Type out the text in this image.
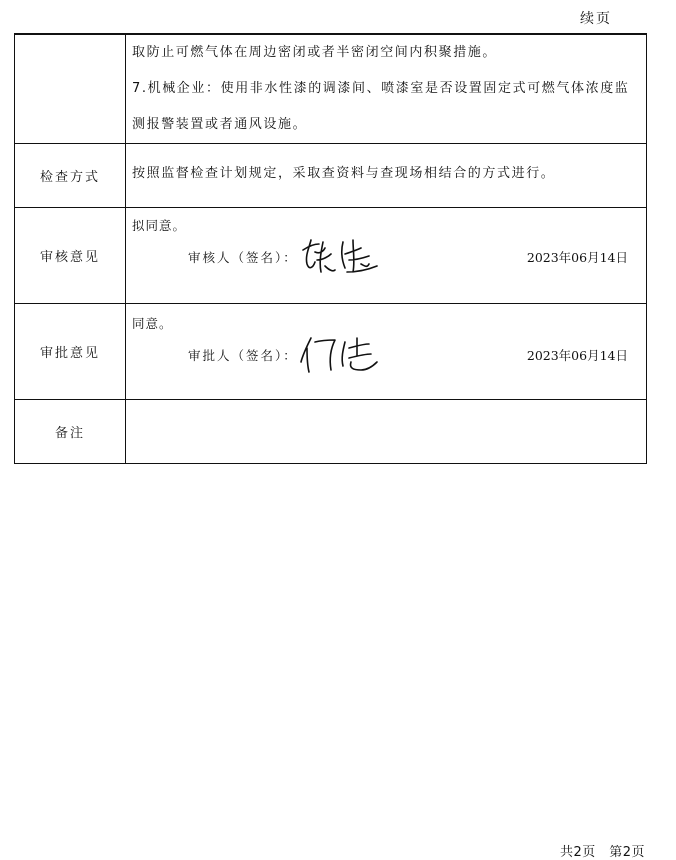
续页

	取防止可燃气体在周边密闭或者半密闭空间内积聚措施。
7.机械企业：使用非水性漆的调漆间、喷漆室是否设置固定式可燃气体浓度监
测报警装置或者通风设施。

检查方式	按照监督检查计划规定，采取查资料与查现场相结合的方式进行。

审核意见	拟同意。
审核人（签名）： 2023年06月14日

审批意见	同意。
审批人（签名）： 2023年06月14日

备注	
共2页　第2页
